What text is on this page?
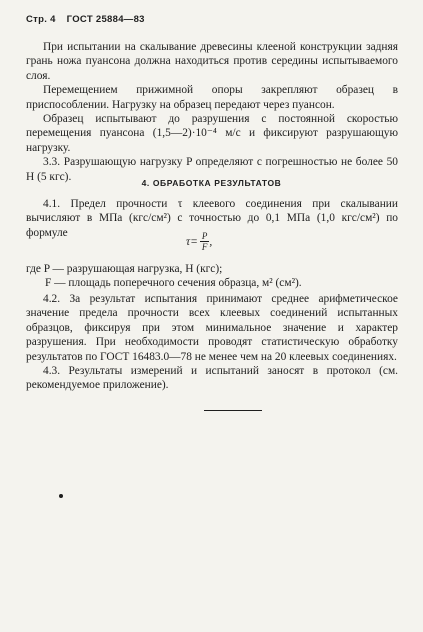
Стр. 4 ГОСТ 25884—83

При испытании на скалывание древесины клееной конструкции задняя грань ножа пуансона должна находиться против середины испытываемого слоя.

Перемещением прижимной опоры закрепляют образец в приспособлении. Нагрузку на образец передают через пуансон.

Образец испытывают до разрушения с постоянной скоростью перемещения пуансона (1,5—2)·10⁻⁴ м/с и фиксируют разрушающую нагрузку.

3.3. Разрушающую нагрузку P определяют с погрешностью не более 50 Н (5 кгс).

4. ОБРАБОТКА РЕЗУЛЬТАТОВ

4.1. Предел прочности τ клеевого соединения при скалывании вычисляют в МПа (кгс/см²) с точностью до 0,1 МПа (1,0 кгс/см²) по формуле

$\tau= \frac{P}{F}$ ,

где P — разрушающая нагрузка, Н (кгс);

F — площадь поперечного сечения образца, м² (см²).

4.2. За результат испытания принимают среднее арифметическое значение предела прочности всех клеевых соединений испытанных образцов, фиксируя при этом минимальное значение и характер разрушения. При необходимости проводят статистическую обработку результатов по ГОСТ 16483.0—78 не менее чем на 20 клеевых соединениях.

4.3. Результаты измерений и испытаний заносят в протокол (см. рекомендуемое приложение).
